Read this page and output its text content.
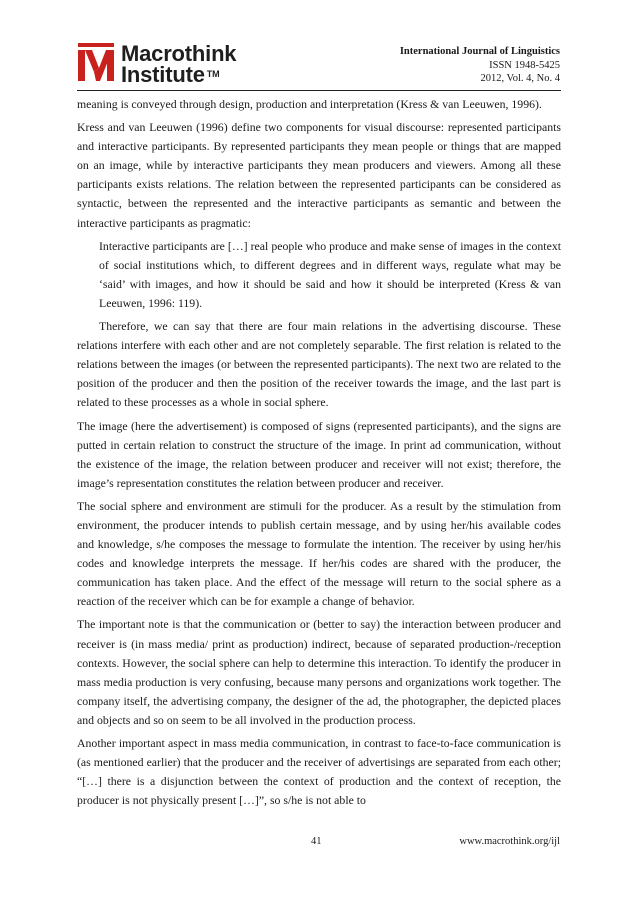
Macrothink
Institute ™
International Journal of Linguistics
ISSN 1948-5425
2012, Vol. 4, No. 4

meaning is conveyed through design, production and interpretation (Kress & van Leeuwen, 1996).

Kress and van Leeuwen (1996) define two components for visual discourse: represented participants and interactive participants. By represented participants they mean people or things that are mapped on an image, while by interactive participants they mean producers and viewers. Among all these participants exists relations. The relation between the represented participants can be considered as syntactic, between the represented and the interactive participants as semantic and between the interactive participants as pragmatic:

Interactive participants are […] real people who produce and make sense of images in the context of social institutions which, to different degrees and in different ways, regulate what may be ‘said’ with images, and how it should be said and how it should be interpreted (Kress & van Leeuwen, 1996: 119).

Therefore, we can say that there are four main relations in the advertising discourse. These relations interfere with each other and are not completely separable. The first relation is related to the relations between the images (or between the represented participants). The next two are related to the position of the producer and then the position of the receiver towards the image, and the last part is related to these processes as a whole in social sphere.

The image (here the advertisement) is composed of signs (represented participants), and the signs are putted in certain relation to construct the structure of the image. In print ad communication, without the existence of the image, the relation between producer and receiver will not exist; therefore, the image’s representation constitutes the relation between producer and receiver.

The social sphere and environment are stimuli for the producer. As a result by the stimulation from environment, the producer intends to publish certain message, and by using her/his available codes and knowledge, s/he composes the message to formulate the intention. The receiver by using her/his codes and knowledge interprets the message. If her/his codes are shared with the producer, the communication has taken place. And the effect of the message will return to the social sphere as a reaction of the receiver which can be for example a change of behavior.

The important note is that the communication or (better to say) the interaction between producer and receiver is (in mass media/ print as production) indirect, because of separated production-/reception contexts. However, the social sphere can help to determine this interaction. To identify the producer in mass media production is very confusing, because many persons and organizations work together. The company itself, the advertising company, the designer of the ad, the photographer, the depicted places and objects and so on seem to be all involved in the production process.

Another important aspect in mass media communication, in contrast to face-to-face communication is (as mentioned earlier) that the producer and the receiver of advertisings are separated from each other; “[…] there is a disjunction between the context of production and the context of reception, the producer is not physically present […]”, so s/he is not able to

41	www.macrothink.org/ijl
